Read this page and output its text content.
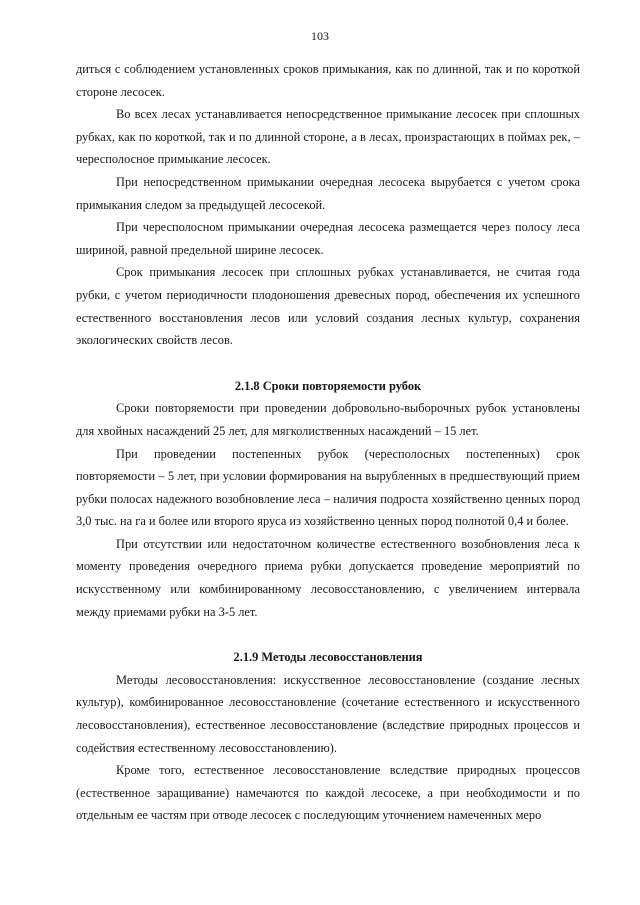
103

диться с соблюдением установленных сроков примыкания, как по длинной, так и по короткой стороне лесосек.

Во всех лесах устанавливается непосредственное примыкание лесосек при сплошных рубках, как по короткой, так и по длинной стороне, а в лесах, произрастающих в поймах рек, – чересполосное примыкание лесосек.

При непосредственном примыкании очередная лесосека вырубается с учетом срока примыкания следом за предыдущей лесосекой.

При чересполосном примыкании очередная лесосека размещается через полосу леса шириной, равной предельной ширине лесосек.

Срок примыкания лесосек при сплошных рубках устанавливается, не считая года рубки, с учетом периодичности плодоношения древесных пород, обеспечения их успешного естественного восстановления лесов или условий создания лесных культур, сохранения экологических свойств лесов.

2.1.8 Сроки повторяемости рубок

Сроки повторяемости при проведении добровольно-выборочных рубок установлены для хвойных насаждений 25 лет, для мягколиственных насаждений – 15 лет.

При проведении постепенных рубок (чересполосных постепенных) срок повторяемости – 5 лет, при условии формирования на вырубленных в предшествующий прием рубки полосах надежного возобновление леса – наличия подроста хозяйственно ценных пород 3,0 тыс. на га и более или второго яруса из хозяйственно ценных пород полнотой 0,4 и более.

При отсутствии или недостаточном количестве естественного возобновления леса к моменту проведения очередного приема рубки допускается проведение мероприятий по искусственному или комбинированному лесовосстановлению, с увеличением интервала между приемами рубки на 3-5 лет.

2.1.9 Методы лесовосстановления

Методы лесовосстановления: искусственное лесовосстановление (создание лесных культур), комбинированное лесовосстановление (сочетание естественного и искусственного лесовосстановления), естественное лесовосстановление (вследствие природных процессов и содействия естественному лесовосстановлению).

Кроме того, естественное лесовосстановление вследствие природных процессов (естественное заращивание) намечаются по каждой лесосеке, а при необходимости и по отдельным ее частям при отводе лесосек с последующим уточнением намеченных меро
